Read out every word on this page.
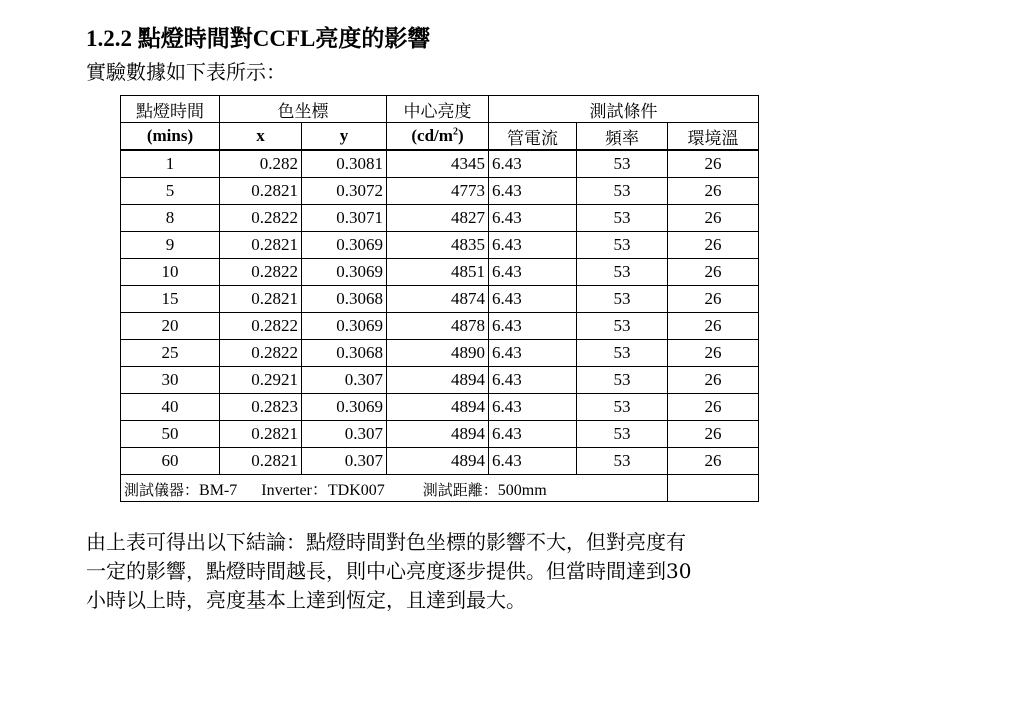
1.2.2 點燈時間對CCFL亮度的影響
實驗數據如下表所示：
點燈時間	色坐標		中心亮度	測試條件		
(mins)	x	y	$(cd/m^2)$	管電流	頻率	環境溫
1	0.282	0.3081	4345	6.43	53	26
5	0.2821	0.3072	4773	6.43	53	26
8	0.2822	0.3071	4827	6.43	53	26
9	0.2821	0.3069	4835	6.43	53	26
10	0.2822	0.3069	4851	6.43	53	26
15	0.2821	0.3068	4874	6.43	53	26
20	0.2822	0.3069	4878	6.43	53	26
25	0.2822	0.3068	4890	6.43	53	26
30	0.2921	0.307	4894	6.43	53	26
40	0.2823	0.3069	4894	6.43	53	26
50	0.2821	0.307	4894	6.43	53	26
60	0.2821	0.307	4894	6.43	53	26
測試儀器：BM-7 Inverter：TDK007 測試距離：500mm						
由上表可得出以下結論：點燈時間對色坐標的影響不大，但對亮度有
一定的影響，點燈時間越長，則中心亮度逐步提供。但當時間達到30
小時以上時，亮度基本上達到恆定，且達到最大。
